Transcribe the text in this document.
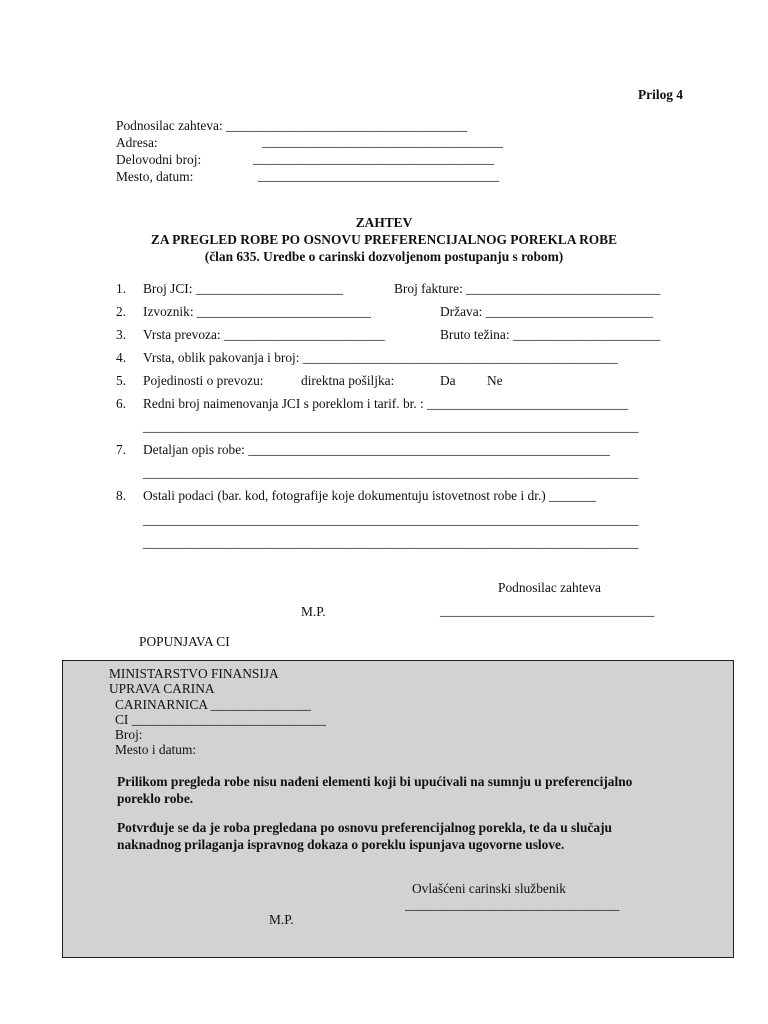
Prilog 4
Podnosilac zahteva: ____________________________________
Adresa:	____________________________________
Delovodni broj:	____________________________________
Mesto, datum:	____________________________________
ZAHTEV
ZA PREGLED ROBE PO OSNOVU PREFERENCIJALNOG POREKLA ROBE
(član 635. Uredbe o carinski dozvoljenom postupanju s robom)
1. Broj JCI: ______________________	Broj fakture: _____________________________
2. Izvoznik: __________________________	Država: _________________________
3. Vrsta prevoza: ________________________	Bruto težina: ______________________
4. Vrsta, oblik pakovanja i broj: _______________________________________________
5. Pojedinosti o prevozu:	direktna pošiljka:	Da Ne
6. Redni broj naimenovanja JCI s poreklom i tarif. br. : ______________________________
__________________________________________________________________________
7. Detaljan opis robe: ______________________________________________________
__________________________________________________________________________
8. Ostali podaci (bar. kod, fotografije koje dokumentuju istovetnost robe i dr.) _______
__________________________________________________________________________
__________________________________________________________________________
Podnosilac zahteva
M.P.	________________________________
POPUNJAVA CI
MINISTARSTVO FINANSIJA
UPRAVA CARINA
CARINARNICA _______________
CI _____________________________
Broj:
Mesto i datum:
Prilikom pregleda robe nisu nađeni elementi koji bi upućivali na sumnju u preferencijalno
poreklo robe.
Potvrđuje se da je roba pregledana po osnovu preferencijalnog porekla, te da u slučaju
naknadnog prilaganja ispravnog dokaza o poreklu ispunjava ugovorne uslove.
Ovlašćeni carinski službenik
________________________________
M.P.
